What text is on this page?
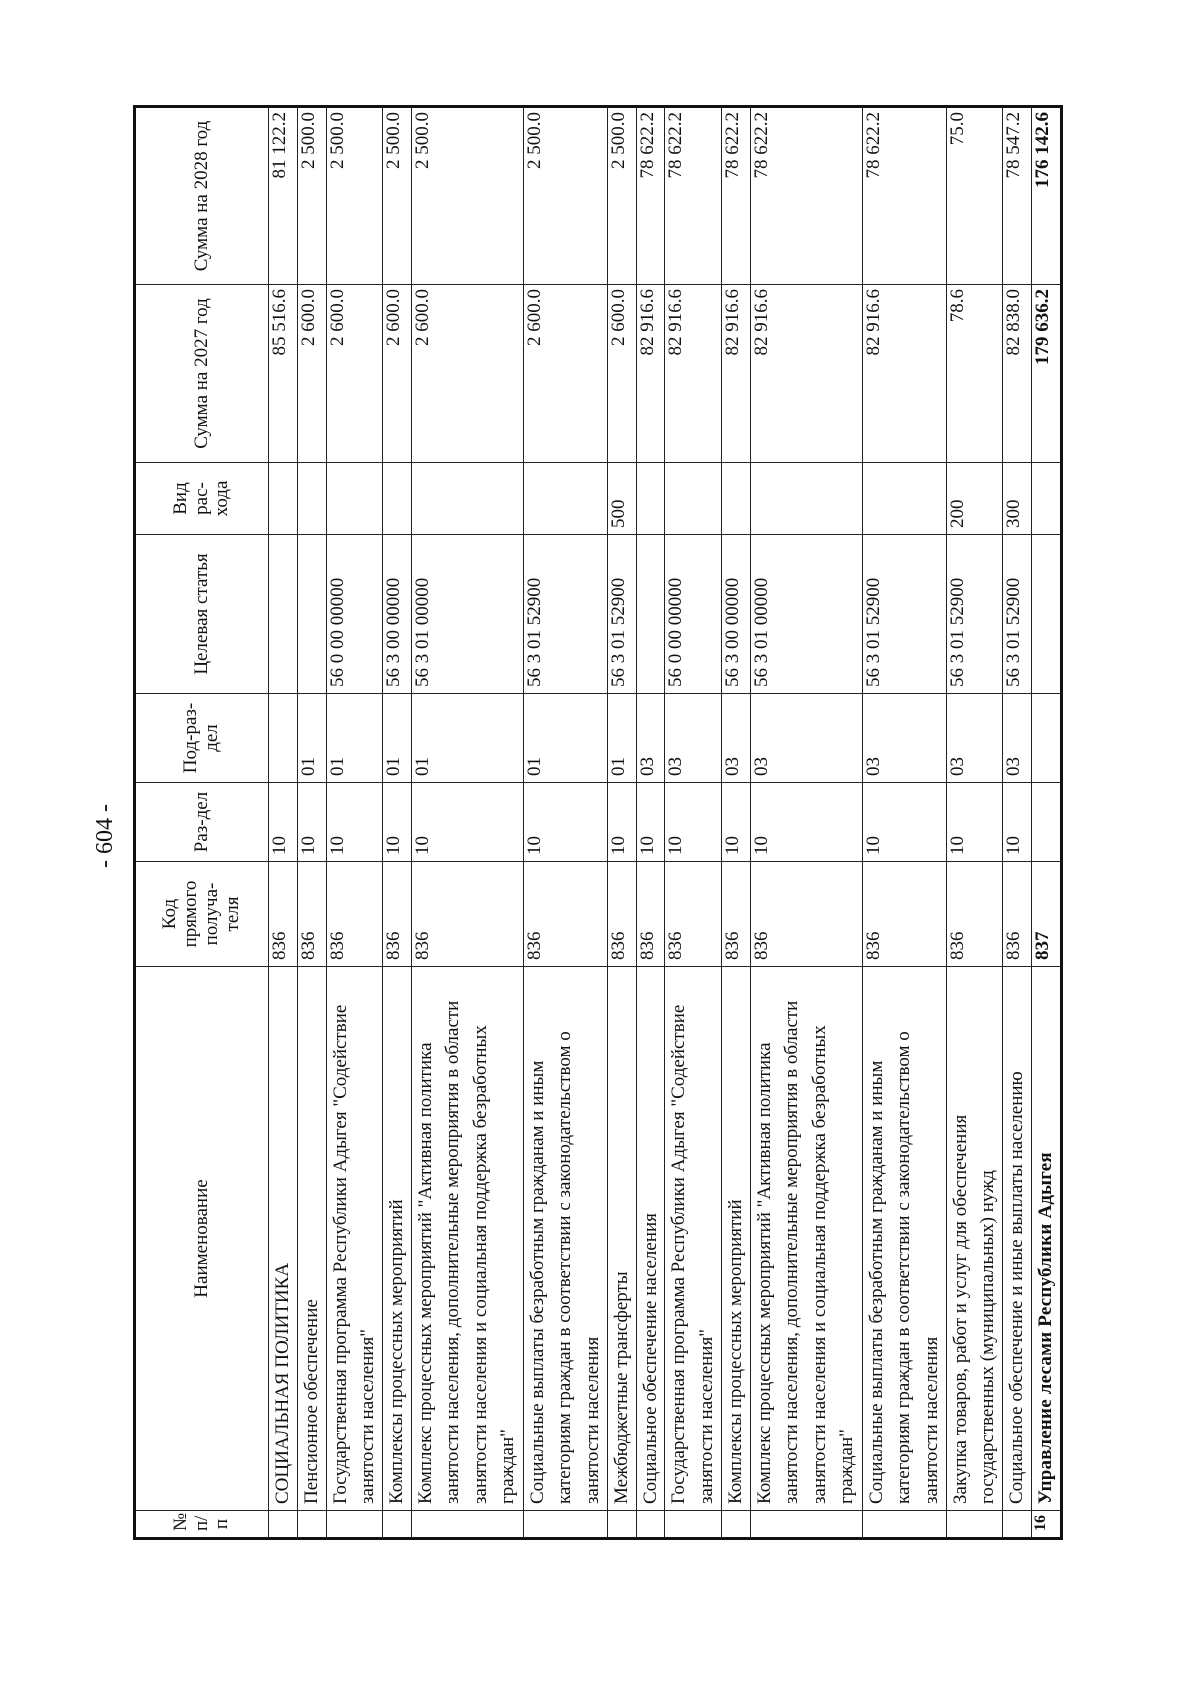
- 604 -
№ п/п	Наименование	Код прямого получа-теля	Раз-дел	Под-раз-дел	Целевая статья	Вид рас-хода	Сумма на 2027 год	Сумма на 2028 год
	СОЦИАЛЬНАЯ ПОЛИТИКА	836	10				85 516.6	81 122.2
	Пенсионное обеспечение	836	10	01			2 600.0	2 500.0
	Государственная программа Республики Адыгея "Содействие занятости населения"	836	10	01	56 0 00 00000		2 600.0	2 500.0
	Комплексы процессных мероприятий	836	10	01	56 3 00 00000		2 600.0	2 500.0
	Комплекс процессных мероприятий "Активная политика занятости населения, дополнительные мероприятия в области занятости населения и социальная поддержка безработных граждан"	836	10	01	56 3 01 00000		2 600.0	2 500.0
	Социальные выплаты безработным гражданам и иным категориям граждан в соответствии с законодательством о занятости населения	836	10	01	56 3 01 52900		2 600.0	2 500.0
	Межбюджетные трансферты	836	10	01	56 3 01 52900	500	2 600.0	2 500.0
	Социальное обеспечение населения	836	10	03			82 916.6	78 622.2
	Государственная программа Республики Адыгея "Содействие занятости населения"	836	10	03	56 0 00 00000		82 916.6	78 622.2
	Комплексы процессных мероприятий	836	10	03	56 3 00 00000		82 916.6	78 622.2
	Комплекс процессных мероприятий "Активная политика занятости населения, дополнительные мероприятия в области занятости населения и социальная поддержка безработных граждан"	836	10	03	56 3 01 00000		82 916.6	78 622.2
	Социальные выплаты безработным гражданам и иным категориям граждан в соответствии с законодательством о занятости населения	836	10	03	56 3 01 52900		82 916.6	78 622.2
	Закупка товаров, работ и услуг для обеспечения государственных (муниципальных) нужд	836	10	03	56 3 01 52900	200	78.6	75.0
	Социальное обеспечение и иные выплаты населению	836	10	03	56 3 01 52900	300	82 838.0	78 547.2
16	Управление лесами Республики Адыгея	837					179 636.2	176 142.6
